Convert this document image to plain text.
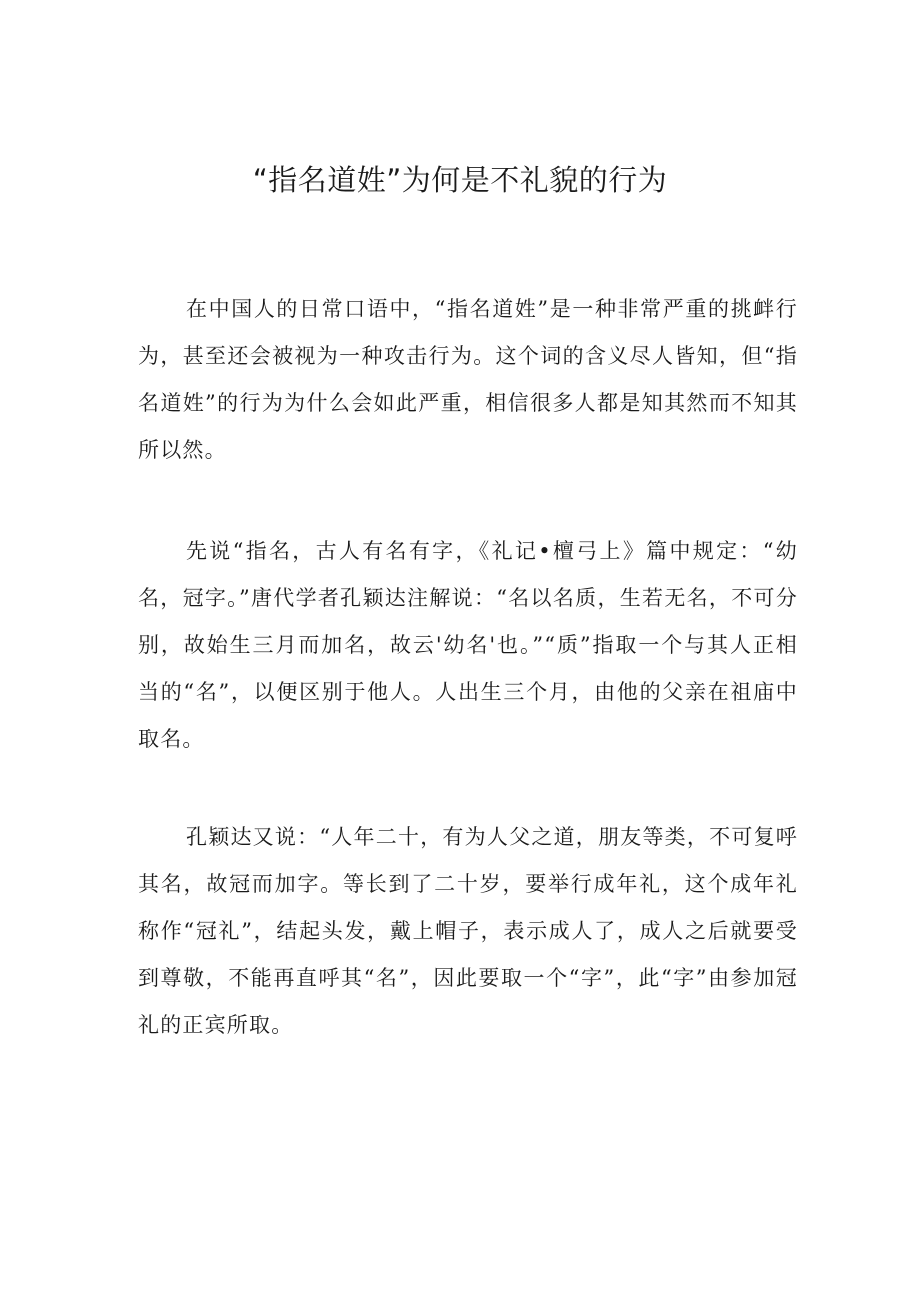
“指名道姓”为何是不礼貌的行为

在中国人的日常口语中，“指名道姓”是一种非常严重的挑衅行为，甚至还会被视为一种攻击行为。这个词的含义尽人皆知，但“指名道姓”的行为为什么会如此严重，相信很多人都是知其然而不知其所以然。

先说“指名，古人有名有字，《礼记•檀弓上》篇中规定：“幼名，冠字。”唐代学者孔颖达注解说：“名以名质，生若无名，不可分别，故始生三月而加名，故云'幼名'也。”“质”指取一个与其人正相当的“名”，以便区别于他人。人出生三个月，由他的父亲在祖庙中取名。

孔颖达又说：“人年二十，有为人父之道，朋友等类，不可复呼其名，故冠而加字。等长到了二十岁，要举行成年礼，这个成年礼称作“冠礼”，结起头发，戴上帽子，表示成人了，成人之后就要受到尊敬，不能再直呼其“名”，因此要取一个“字”，此“字”由参加冠礼的正宾所取。
